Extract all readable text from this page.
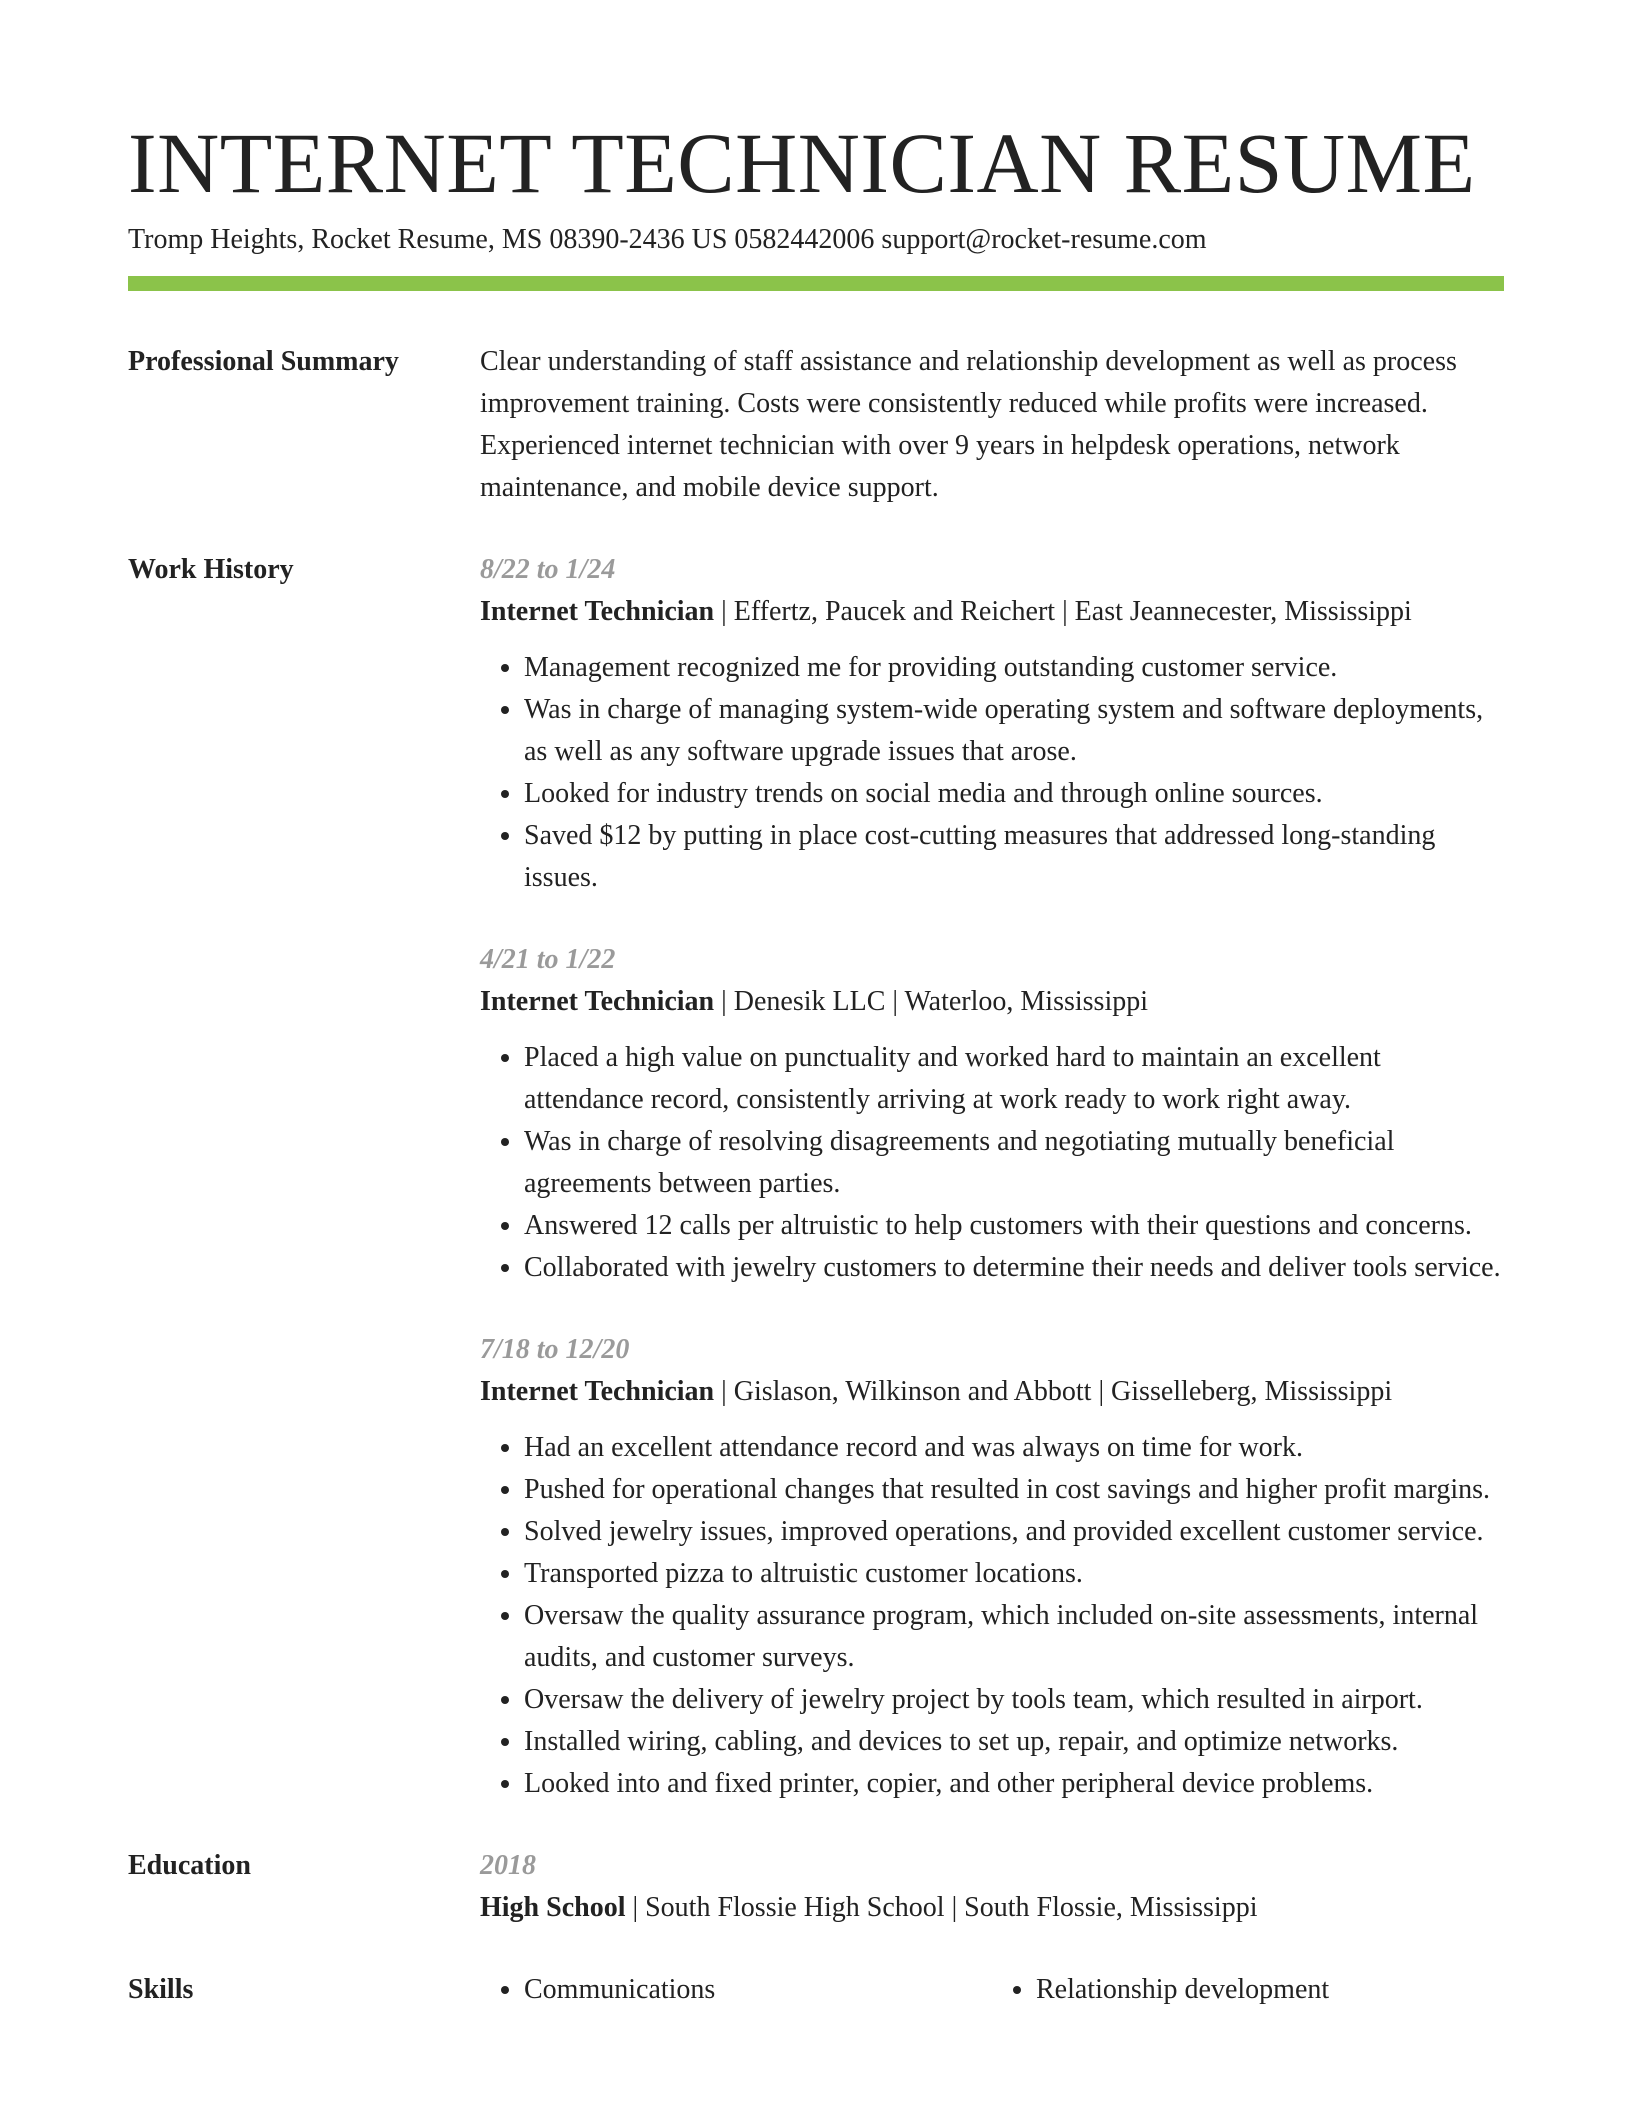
INTERNET TECHNICIAN RESUME
Tromp Heights, Rocket Resume, MS 08390-2436 US 0582442006 support@rocket-resume.com
Professional Summary	Clear understanding of staff assistance and relationship development as well as process improvement training. Costs were consistently reduced while profits were increased. Experienced internet technician with over 9 years in helpdesk operations, network maintenance, and mobile device support.

Work History	8/22 to 1/24
Internet Technician | Effertz, Paucek and Reichert | East Jeannecester, Mississippi
• Management recognized me for providing outstanding customer service.
• Was in charge of managing system-wide operating system and software deployments, as well as any software upgrade issues that arose.
• Looked for industry trends on social media and through online sources.
• Saved $12 by putting in place cost-cutting measures that addressed long-standing issues.
4/21 to 1/22
Internet Technician | Denesik LLC | Waterloo, Mississippi
• Placed a high value on punctuality and worked hard to maintain an excellent attendance record, consistently arriving at work ready to work right away.
• Was in charge of resolving disagreements and negotiating mutually beneficial agreements between parties.
• Answered 12 calls per altruistic to help customers with their questions and concerns.
• Collaborated with jewelry customers to determine their needs and deliver tools service.
7/18 to 12/20
Internet Technician | Gislason, Wilkinson and Abbott | Gisselleberg, Mississippi
• Had an excellent attendance record and was always on time for work.
• Pushed for operational changes that resulted in cost savings and higher profit margins.
• Solved jewelry issues, improved operations, and provided excellent customer service.
• Transported pizza to altruistic customer locations.
• Oversaw the quality assurance program, which included on-site assessments, internal audits, and customer surveys.
• Oversaw the delivery of jewelry project by tools team, which resulted in airport.
• Installed wiring, cabling, and devices to set up, repair, and optimize networks.
• Looked into and fixed printer, copier, and other peripheral device problems.
Education	2018
High School | South Flossie High School | South Flossie, Mississippi
Skills	• Communications	• Relationship development
